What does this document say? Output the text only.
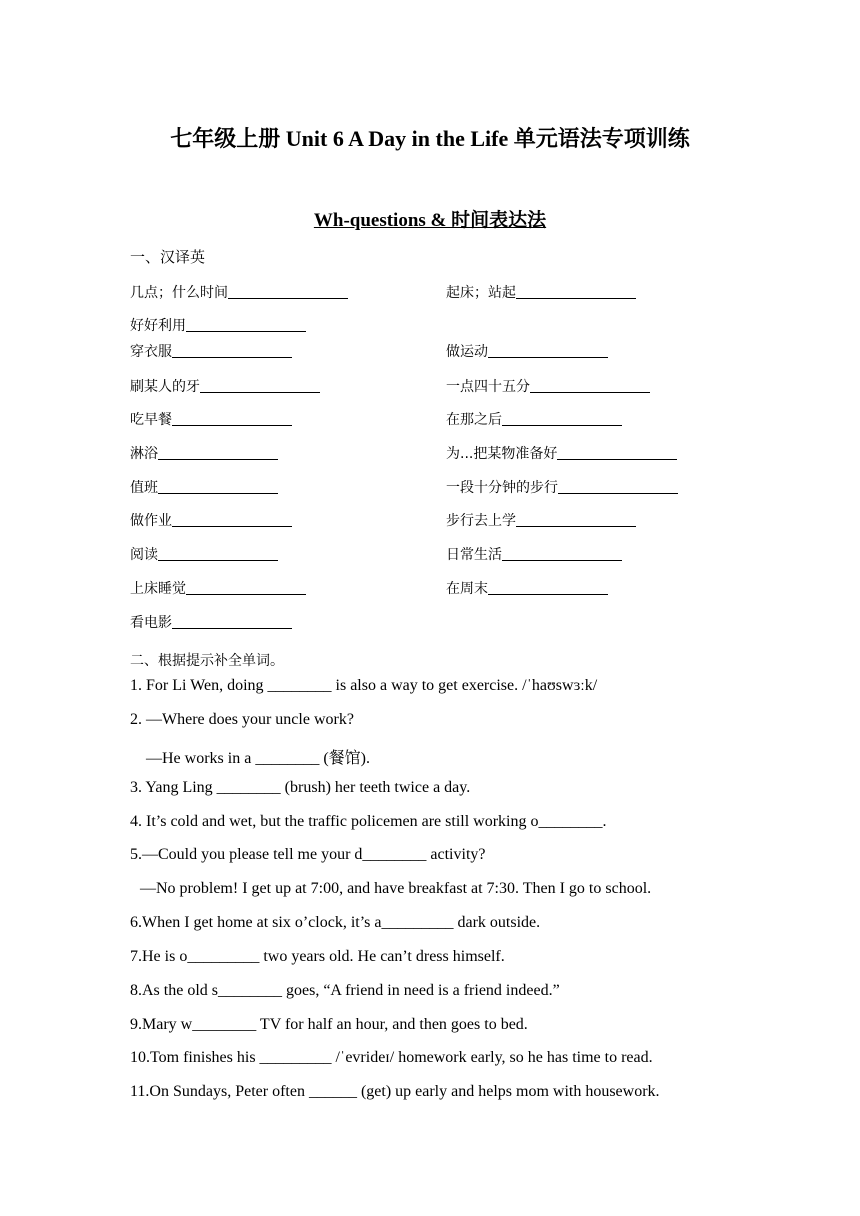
七年级上册 Unit 6 A Day in the Life 单元语法专项训练
Wh-questions & 时间表达法
一、汉译英
几点；什么时间	起床；站起
好好利用
穿衣服	做运动
刷某人的牙	一点四十五分
吃早餐	在那之后
淋浴	为...把某物准备好
值班	一段十分钟的步行
做作业	步行去上学
阅读	日常生活
上床睡觉	在周末
看电影
二、根据提示补全单词。
1. For Li Wen, doing ________ is also a way to get exercise. /ˈhaʊswɜːk/
2. —Where does your uncle work?
—He works in a ________ (餐馆).
3. Yang Ling ________ (brush) her teeth twice a day.
4. It’s cold and wet, but the traffic policemen are still working o________.
5.—Could you please tell me your d________ activity?
—No problem! I get up at 7:00, and have breakfast at 7:30. Then I go to school.
6.When I get home at six o’clock, it’s a_________ dark outside.
7.He is o_________ two years old. He can’t dress himself.
8.As the old s________ goes, “A friend in need is a friend indeed.”
9.Mary w________ TV for half an hour, and then goes to bed.
10.Tom finishes his _________ /ˈevrideɪ/ homework early, so he has time to read.
11.On Sundays, Peter often ______ (get) up early and helps mom with housework.
